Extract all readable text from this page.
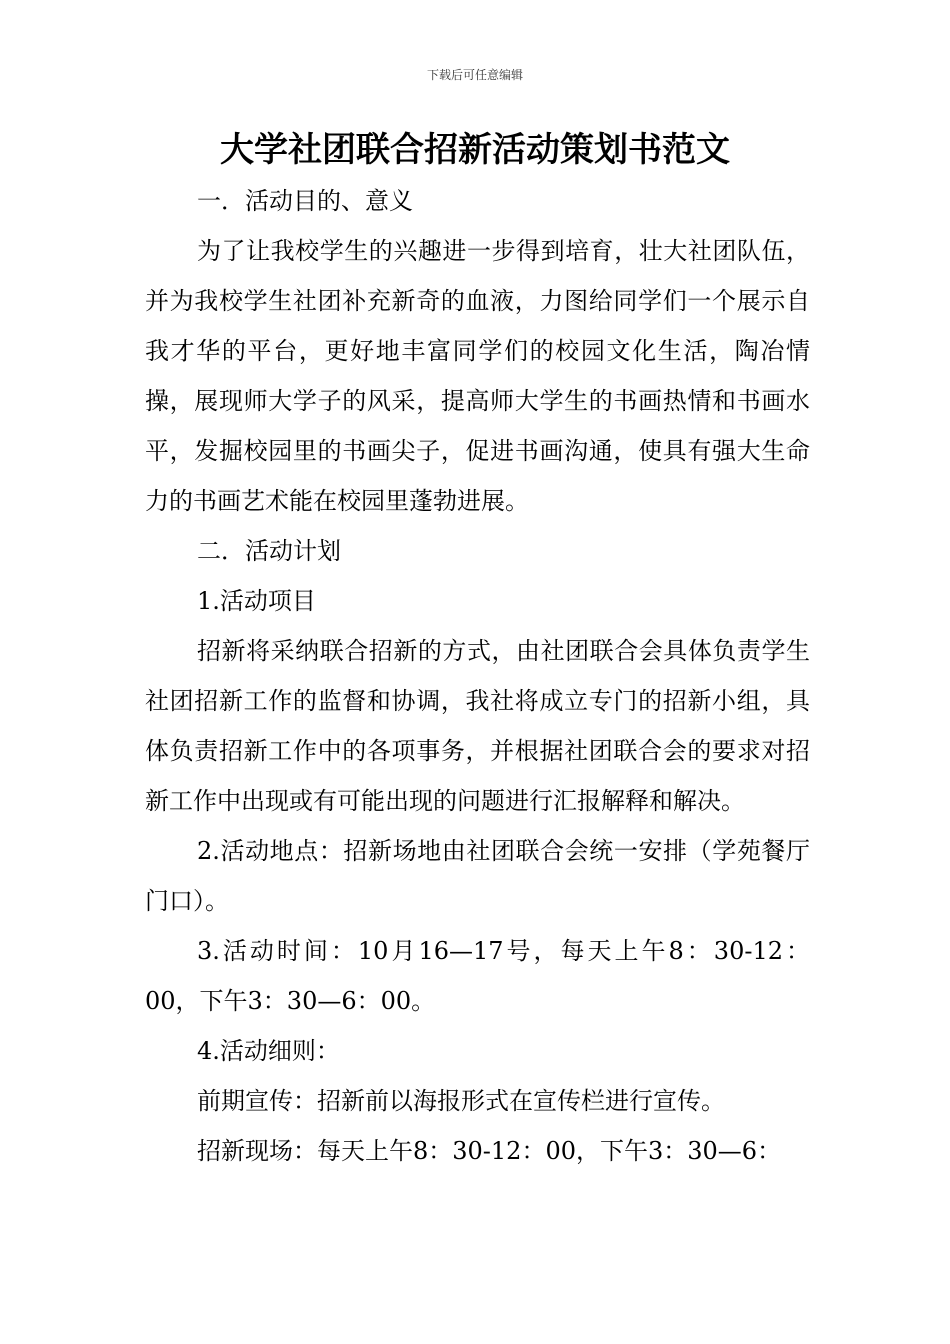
下载后可任意编辑
大学社团联合招新活动策划书范文

一．活动目的、意义

为了让我校学生的兴趣进一步得到培育，壮大社团队伍，并为我校学生社团补充新奇的血液，力图给同学们一个展示自我才华的平台，更好地丰富同学们的校园文化生活，陶冶情操，展现师大学子的风采，提高师大学生的书画热情和书画水平，发掘校园里的书画尖子，促进书画沟通，使具有强大生命力的书画艺术能在校园里蓬勃进展。

二．活动计划

1.活动项目

招新将采纳联合招新的方式，由社团联合会具体负责学生社团招新工作的监督和协调，我社将成立专门的招新小组，具体负责招新工作中的各项事务，并根据社团联合会的要求对招新工作中出现或有可能出现的问题进行汇报解释和解决。

2.活动地点：招新场地由社团联合会统一安排（学苑餐厅门口）。

3.活动时间：10月16—17号，每天上午8：30-12：00，下午3：30—6：00。

4.活动细则：

前期宣传：招新前以海报形式在宣传栏进行宣传。

招新现场：每天上午8：30-12：00，下午3：30—6：
